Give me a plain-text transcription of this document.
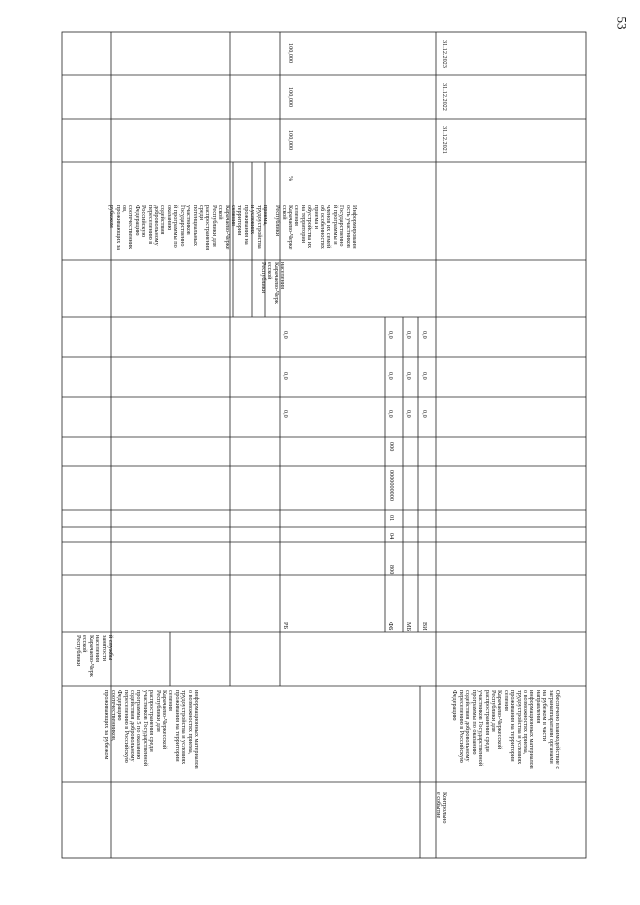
53
информационных материалов
о возможностях приема,
трудоустройства и условиях
проживания на территории
селения
Карачаево-Черкесской
Республики для
распространения среди
участников Государственной
программы 5 по оказанию
содействия добровольному
переселению в Российскую
Федерацию
соотечественников,
проживающих за рубежом
й службы
занятости
населения
Карачаево-Черк
есской
Республики
РБ	ФБ МБ ВИ
800
04
01
0000000000
000
0,0
0,0
0,0
0,0
0,0
0,0
0,0
0,0
0,0
0,0
0,0
0,0
населения
Карачаево-Черк
есской
Республики
приема,
трудоустройства
и условиях
проживания на
территории
селения
Карачаево-Черке
сской
Республики для
распространения
среди
потенциальных
участников
Государственно
й программы по
оказанию
содействия
добровольному
переселению в
Российскую
Федерацию
соотечественник
ов,
проживающих за
рубежом	Информированн
ость участников
Государственно
й программы и
членов их семей
об особенностях
приема и
обустройства их
на территории
селения
Карачаево-Черке
сской
Республики
%
100,000
100,000
100,000
Контрольно
е событие
Обеспечено взаимодействие с
загранаппаратами органами
на рубежом в части
направления
информационных материалов
о возможностях приема,
трудоустройства и условиях
проживания на территории
селения
Карачаево-Черкесской
Республики для
распространения среди
участников Государственной
программы по оказанию
содействия добровольному
переселению в Российскую
Федерацию
31.12.2021
31.12.2022
31.12.2023
